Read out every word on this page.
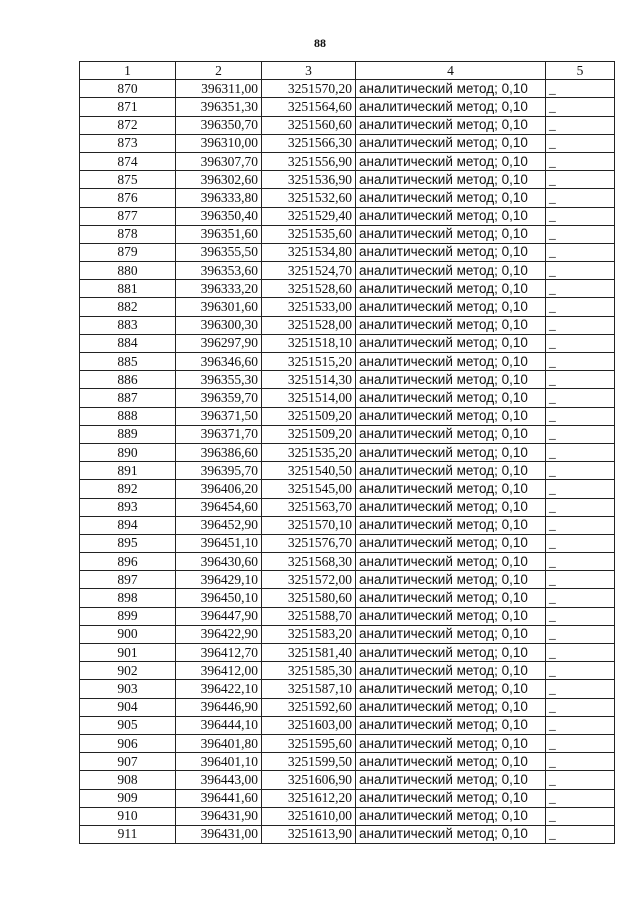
88
1	2	3	4	5
870	396311,00	3251570,20	аналитический метод; 0,10	_
871	396351,30	3251564,60	аналитический метод; 0,10	_
872	396350,70	3251560,60	аналитический метод; 0,10	_
873	396310,00	3251566,30	аналитический метод; 0,10	_
874	396307,70	3251556,90	аналитический метод; 0,10	_
875	396302,60	3251536,90	аналитический метод; 0,10	_
876	396333,80	3251532,60	аналитический метод; 0,10	_
877	396350,40	3251529,40	аналитический метод; 0,10	_
878	396351,60	3251535,60	аналитический метод; 0,10	_
879	396355,50	3251534,80	аналитический метод; 0,10	_
880	396353,60	3251524,70	аналитический метод; 0,10	_
881	396333,20	3251528,60	аналитический метод; 0,10	_
882	396301,60	3251533,00	аналитический метод; 0,10	_
883	396300,30	3251528,00	аналитический метод; 0,10	_
884	396297,90	3251518,10	аналитический метод; 0,10	_
885	396346,60	3251515,20	аналитический метод; 0,10	_
886	396355,30	3251514,30	аналитический метод; 0,10	_
887	396359,70	3251514,00	аналитический метод; 0,10	_
888	396371,50	3251509,20	аналитический метод; 0,10	_
889	396371,70	3251509,20	аналитический метод; 0,10	_
890	396386,60	3251535,20	аналитический метод; 0,10	_
891	396395,70	3251540,50	аналитический метод; 0,10	_
892	396406,20	3251545,00	аналитический метод; 0,10	_
893	396454,60	3251563,70	аналитический метод; 0,10	_
894	396452,90	3251570,10	аналитический метод; 0,10	_
895	396451,10	3251576,70	аналитический метод; 0,10	_
896	396430,60	3251568,30	аналитический метод; 0,10	_
897	396429,10	3251572,00	аналитический метод; 0,10	_
898	396450,10	3251580,60	аналитический метод; 0,10	_
899	396447,90	3251588,70	аналитический метод; 0,10	_
900	396422,90	3251583,20	аналитический метод; 0,10	_
901	396412,70	3251581,40	аналитический метод; 0,10	_
902	396412,00	3251585,30	аналитический метод; 0,10	_
903	396422,10	3251587,10	аналитический метод; 0,10	_
904	396446,90	3251592,60	аналитический метод; 0,10	_
905	396444,10	3251603,00	аналитический метод; 0,10	_
906	396401,80	3251595,60	аналитический метод; 0,10	_
907	396401,10	3251599,50	аналитический метод; 0,10	_
908	396443,00	3251606,90	аналитический метод; 0,10	_
909	396441,60	3251612,20	аналитический метод; 0,10	_
910	396431,90	3251610,00	аналитический метод; 0,10	_
911	396431,00	3251613,90	аналитический метод; 0,10	_
